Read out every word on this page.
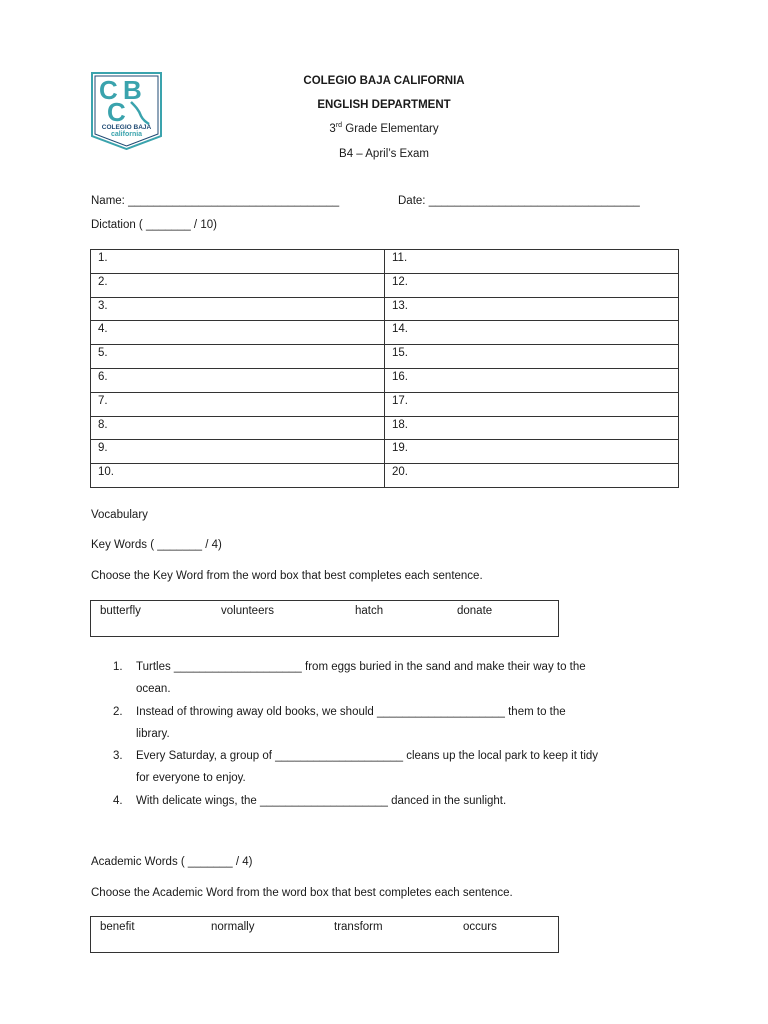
C B
C
COLEGIO BAJA
california
COLEGIO BAJA CALIFORNIA
ENGLISH DEPARTMENT
3rd Grade Elementary
B4 – April’s Exam
Name: _________________________________	Date: _________________________________
Dictation ( _______ / 10)
1.	11.
2.	12.
3.	13.
4.	14.
5.	15.
6.	16.
7.	17.
8.	18.
9.	19.
10.	20.
Vocabulary
Key Words ( _______ / 4)
Choose the Key Word from the word box that best completes each sentence.
butterfly	volunteers	hatch	donate
1. Turtles ____________________ from eggs buried in the sand and make their way to the
ocean.
2. Instead of throwing away old books, we should ____________________ them to the
library.
3. Every Saturday, a group of ____________________ cleans up the local park to keep it tidy
for everyone to enjoy.
4. With delicate wings, the ____________________ danced in the sunlight.
Academic Words ( _______ / 4)
Choose the Academic Word from the word box that best completes each sentence.
benefit	normally	transform	occurs
